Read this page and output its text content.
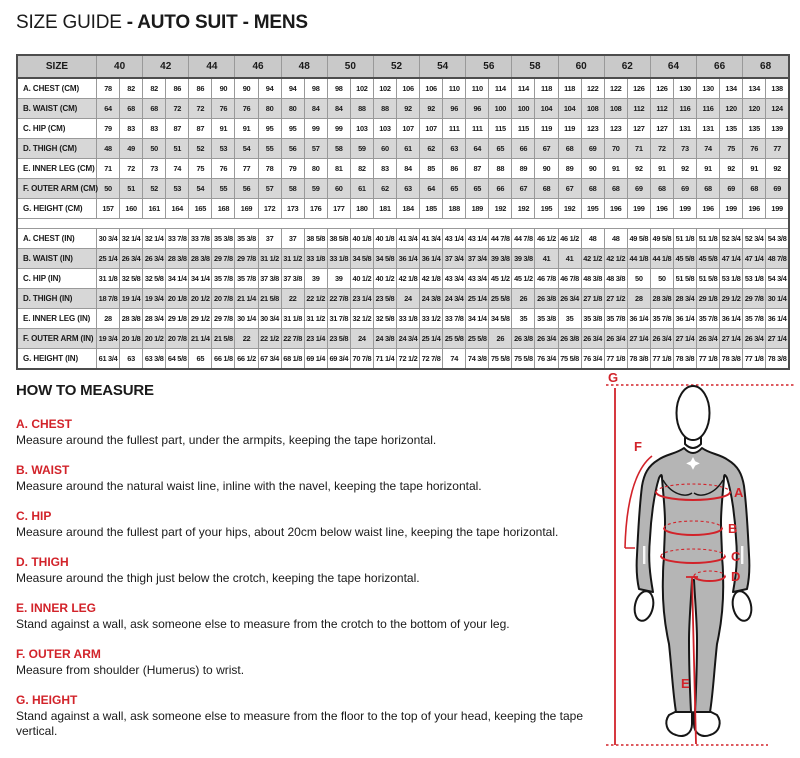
SIZE GUIDE - AUTO SUIT - MENS
SIZE	40		42		44		46		48		50		52		54		56		58		60		62		64		66		68	
A. CHEST (CM)	78	82	82	86	86	90	90	94	94	98	98	102	102	106	106	110	110	114	114	118	118	122	122	126	126	130	130	134	134	138
B. WAIST (CM)	64	68	68	72	72	76	76	80	80	84	84	88	88	92	92	96	96	100	100	104	104	108	108	112	112	116	116	120	120	124
C. HIP (CM)	79	83	83	87	87	91	91	95	95	99	99	103	103	107	107	111	111	115	115	119	119	123	123	127	127	131	131	135	135	139
D. THIGH (CM)	48	49	50	51	52	53	54	55	56	57	58	59	60	61	62	63	64	65	66	67	68	69	70	71	72	73	74	75	76	77
E. INNER LEG (CM)	71	72	73	74	75	76	77	78	79	80	81	82	83	84	85	86	87	88	89	90	89	90	91	92	91	92	91	92	91	92
F. OUTER ARM (CM)	50	51	52	53	54	55	56	57	58	59	60	61	62	63	64	65	65	66	67	68	67	68	68	69	68	69	68	69	68	69
G. HEIGHT (CM)	157	160	161	164	165	168	169	172	173	176	177	180	181	184	185	188	189	192	192	195	192	195	196	199	196	199	196	199	196	199

A. CHEST (IN)	30 3/4	32 1/4	32 1/4	33 7/8	33 7/8	35 3/8	35 3/8	37	37	38 5/8	38 5/8	40 1/8	40 1/8	41 3/4	41 3/4	43 1/4	43 1/4	44 7/8	44 7/8	46 1/2	46 1/2	48	48	49 5/8	49 5/8	51 1/8	51 1/8	52 3/4	52 3/4	54 3/8
B. WAIST (IN)	25 1/4	26 3/4	26 3/4	28 3/8	28 3/8	29 7/8	29 7/8	31 1/2	31 1/2	33 1/8	33 1/8	34 5/8	34 5/8	36 1/4	36 1/4	37 3/4	37 3/4	39 3/8	39 3/8	41	41	42 1/2	42 1/2	44 1/8	44 1/8	45 5/8	45 5/8	47 1/4	47 1/4	48 7/8
C. HIP (IN)	31 1/8	32 5/8	32 5/8	34 1/4	34 1/4	35 7/8	35 7/8	37 3/8	37 3/8	39	39	40 1/2	40 1/2	42 1/8	42 1/8	43 3/4	43 3/4	45 1/2	45 1/2	46 7/8	46 7/8	48 3/8	48 3/8	50	50	51 5/8	51 5/8	53 1/8	53 1/8	54 3/4
D. THIGH (IN)	18 7/8	19 1/4	19 3/4	20 1/8	20 1/2	20 7/8	21 1/4	21 5/8	22	22 1/2	22 7/8	23 1/4	23 5/8	24	24 3/8	24 3/4	25 1/4	25 5/8	26	26 3/8	26 3/4	27 1/8	27 1/2	28	28 3/8	28 3/4	29 1/8	29 1/2	29 7/8	30 1/4
E. INNER LEG (IN)	28	28 3/8	28 3/4	29 1/8	29 1/2	29 7/8	30 1/4	30 3/4	31 1/8	31 1/2	31 7/8	32 1/2	32 5/8	33 1/8	33 1/2	33 7/8	34 1/4	34 5/8	35	35 3/8	35	35 3/8	35 7/8	36 1/4	35 7/8	36 1/4	35 7/8	36 1/4	35 7/8	36 1/4
F. OUTER ARM (IN)	19 3/4	20 1/8	20 1/2	20 7/8	21 1/4	21 5/8	22	22 1/2	22 7/8	23 1/4	23 5/8	24	24 3/8	24 3/4	25 1/4	25 5/8	25 5/8	26	26 3/8	26 3/4	26 3/8	26 3/4	26 3/4	27 1/4	26 3/4	27 1/4	26 3/4	27 1/4	26 3/4	27 1/4
G. HEIGHT (IN)	61 3/4	63	63 3/8	64 5/8	65	66 1/8	66 1/2	67 3/4	68 1/8	69 1/4	69 3/4	70 7/8	71 1/4	72 1/2	72 7/8	74	74 3/8	75 5/8	75 5/8	76 3/4	75 5/8	76 3/4	77 1/8	78 3/8	77 1/8	78 3/8	77 1/8	78 3/8	77 1/8	78 3/8
HOW TO MEASURE
A. CHEST
Measure around the fullest part, under the armpits, keeping the tape horizontal.
B. WAIST
Measure around the natural waist line, inline with the navel, keeping the tape horizontal.
C. HIP
Measure around the fullest part of your hips, about 20cm below waist line, keeping the tape horizontal.
D. THIGH
Measure around the thigh just below the crotch, keeping the tape horizontal.
E. INNER LEG
Stand against a wall, ask someone else to measure from the crotch to the bottom of your leg.
F. OUTER ARM
Measure from shoulder (Humerus) to wrist.
G. HEIGHT
Stand against a wall, ask someone else to measure from the floor to the top of your head, keeping the tape vertical.
G
F
A
B
C
D
E
